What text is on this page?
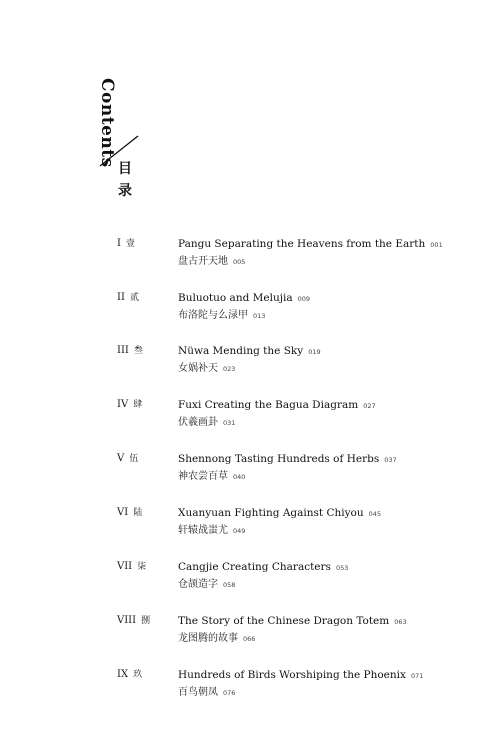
Contents
目
录
I 壹	Pangu Separating the Heavens from the Earth 001
盘古开天地 005
II 贰	Buluotuo and Melujia 009
布洛陀与么渌甲 013
III 叁	Nüwa Mending the Sky 019
女娲补天 023
IV 肆	Fuxi Creating the Bagua Diagram 027
伏羲画卦 031
V 伍	Shennong Tasting Hundreds of Herbs 037
神农尝百草 040
VI 陆	Xuanyuan Fighting Against Chiyou 045
轩辕战蚩尤 049
VII 柒	Cangjie Creating Characters 053
仓颉造字 058
VIII 捌	The Story of the Chinese Dragon Totem 063
龙图腾的故事 066
IX 玖	Hundreds of Birds Worshiping the Phoenix 071
百鸟朝凤 076
